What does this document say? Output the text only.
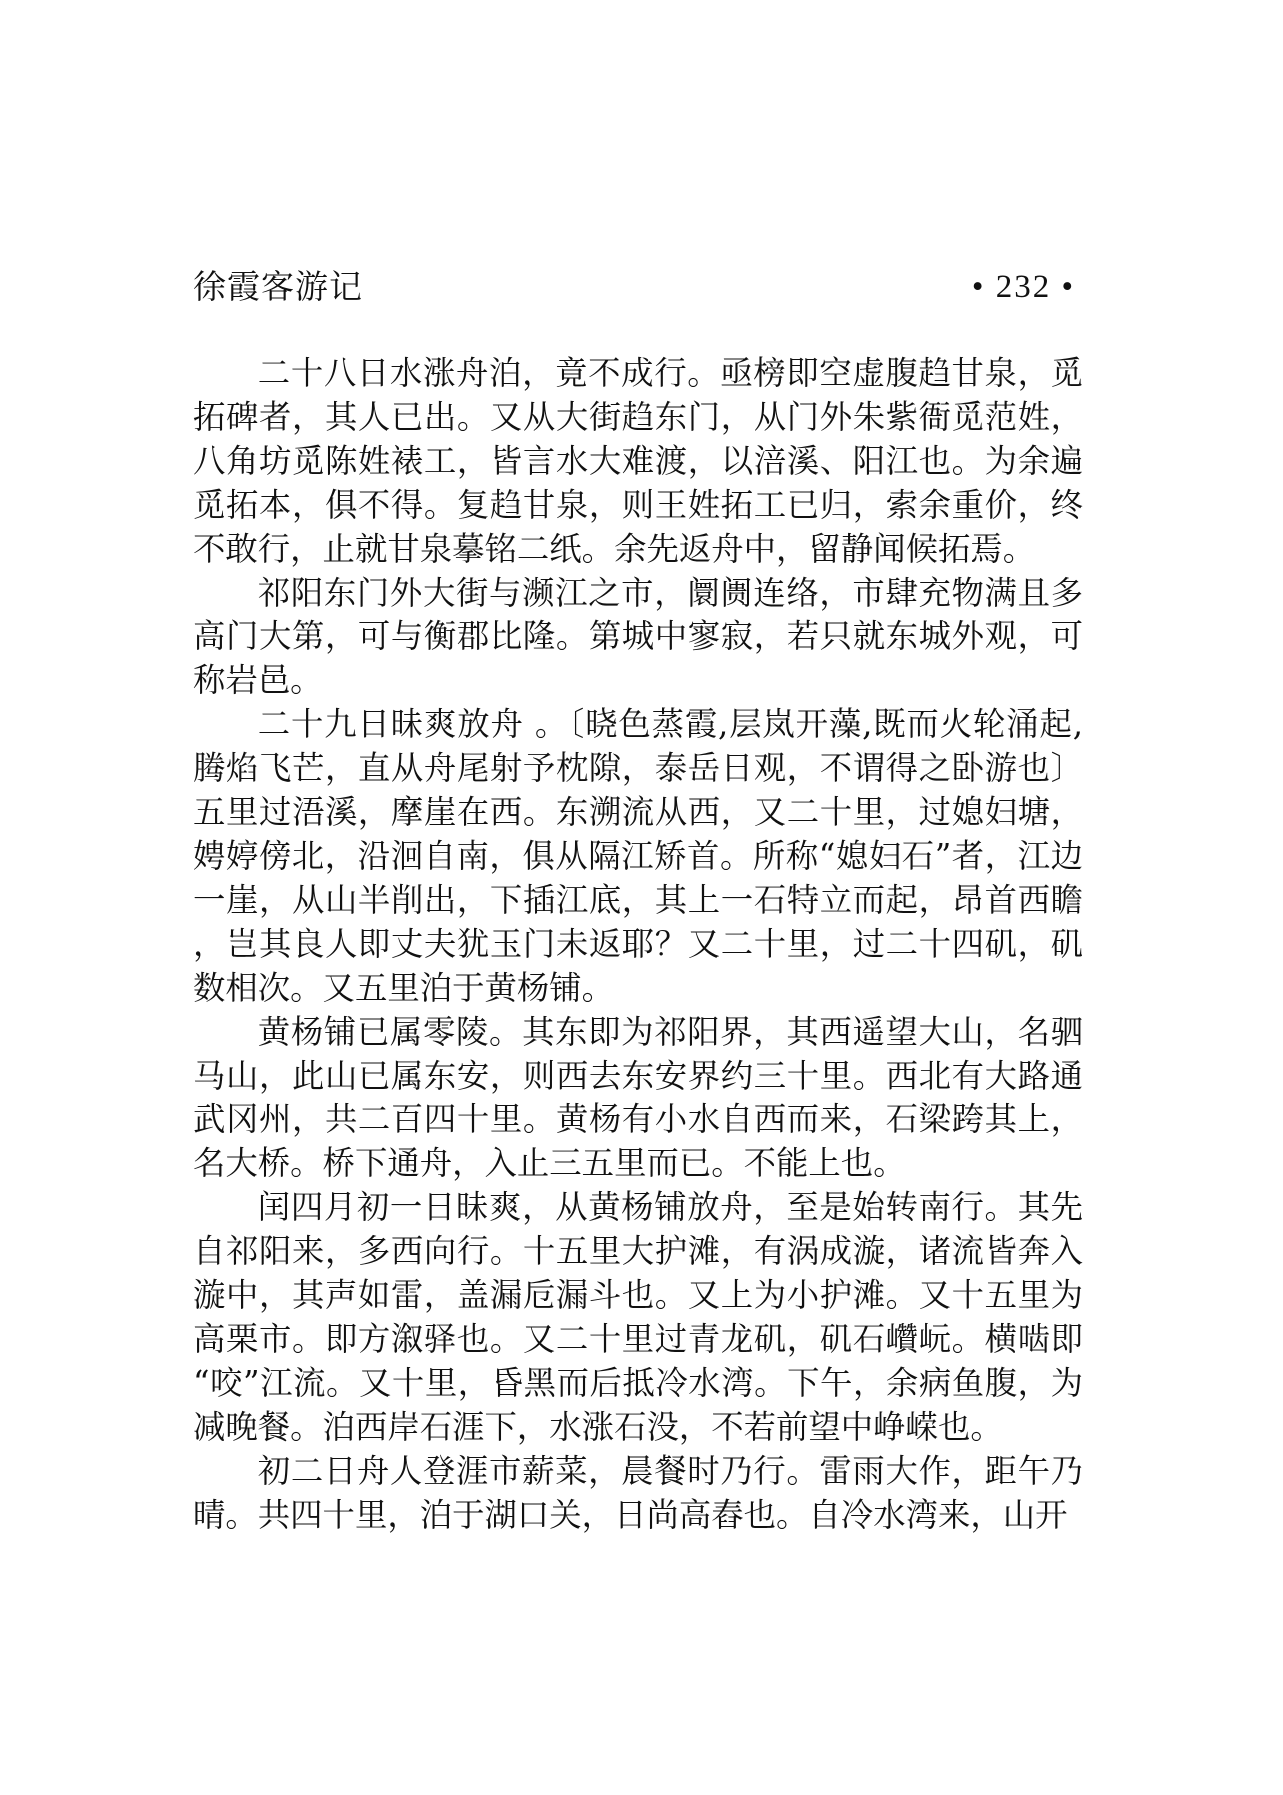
徐霞客游记	• 232 •

二十八日水涨舟泊，竟不成行。亟榜即空虚腹趋甘泉，觅拓碑者，其人已出。又从大街趋东门，从门外朱紫衙觅范姓，八角坊觅陈姓裱工，皆言水大难渡，以涪溪、阳江也。为余遍觅拓本，俱不得。复趋甘泉，则王姓拓工已归，索余重价，终不敢行，止就甘泉摹铭二纸。余先返舟中，留静闻候拓焉。

祁阳东门外大街与濒江之市，阛阓连络，市肆充物满且多高门大第，可与衡郡比隆。第城中寥寂，若只就东城外观，可称岩邑。

二十九日昧爽放舟 。〔晓色蒸霞,层岚开藻,既而火轮涌起,腾焰飞芒，直从舟尾射予枕隙，泰岳日观，不谓得之卧游也〕五里过浯溪，摩崖在西。东溯流从西，又二十里，过媳妇塘，娉婷傍北，沿洄自南，俱从隔江矫首。所称“媳妇石”者，江边一崖，从山半削出，下插江底，其上一石特立而起，昂首西瞻，岂其良人即丈夫犹玉门未返耶？又二十里，过二十四矶，矶数相次。又五里泊于黄杨铺。

黄杨铺已属零陵。其东即为祁阳界，其西遥望大山，名驷马山，此山已属东安，则西去东安界约三十里。西北有大路通武冈州，共二百四十里。黄杨有小水自西而来，石梁跨其上，名大桥。桥下通舟，入止三五里而已。不能上也。

闰四月初一日昧爽，从黄杨铺放舟，至是始转南行。其先自祁阳来，多西向行。十五里大护滩，有涡成漩，诸流皆奔入漩中，其声如雷，盖漏卮漏斗也。又上为小护滩。又十五里为高栗市。即方溆驿也。又二十里过青龙矶，矶石巑岏。横啮即“咬”江流。又十里，昏黑而后抵冷水湾。下午，余病鱼腹，为减晚餐。泊西岸石涯下，水涨石没，不若前望中峥嵘也。

初二日舟人登涯市薪菜，晨餐时乃行。雷雨大作，距午乃晴。共四十里，泊于湖口关，日尚高舂也。自冷水湾来，山开
